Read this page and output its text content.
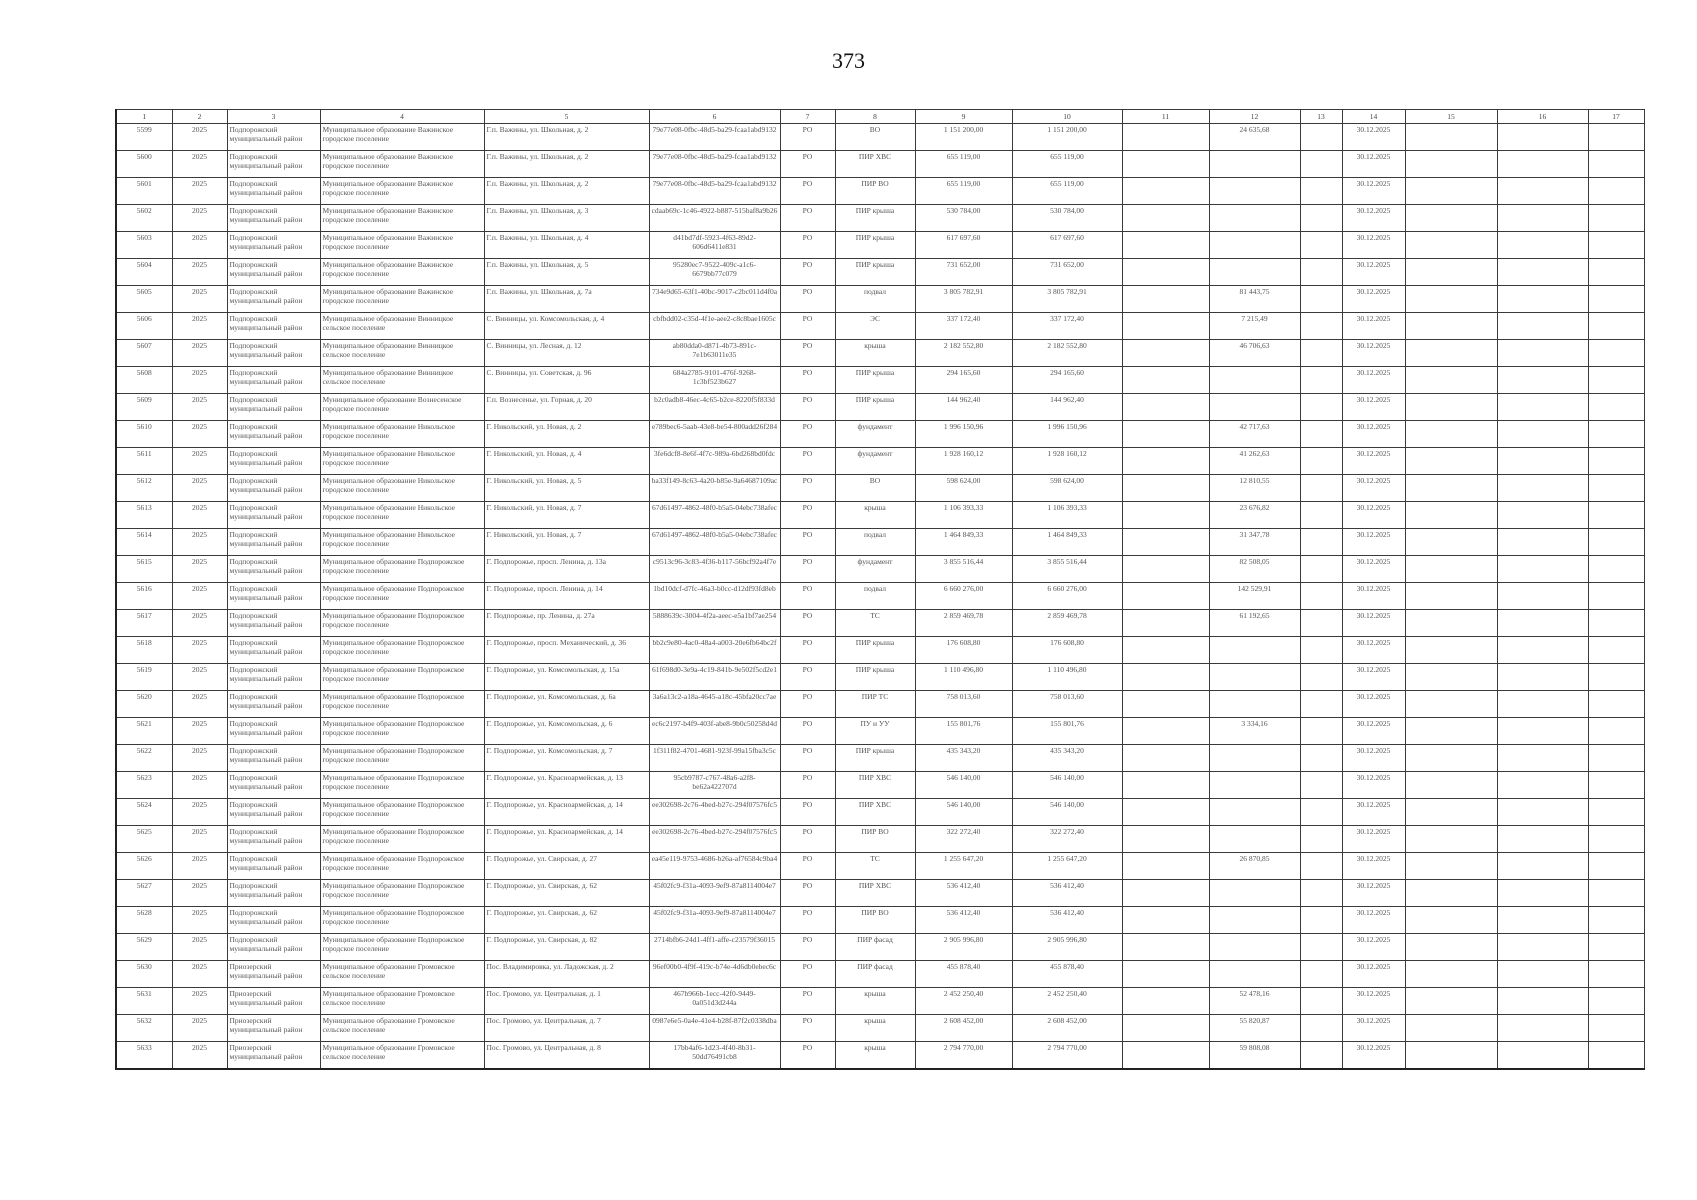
373
1	2	3	4	5	6	7	8	9	10	11	12	13	14	15	16	17
5599	2025	Подпорожский муниципальный район	Муниципальное образование Важинское городское поселение	Г.п. Важины, ул. Школьная, д. 2	79e77e08-0fbc-48d5-ba29-fcaa1abd9132	РО	ВО	1 151 200,00	1 151 200,00		24 635,68		30.12.2025			
5600	2025	Подпорожский муниципальный район	Муниципальное образование Важинское городское поселение	Г.п. Важины, ул. Школьная, д. 2	79e77e08-0fbc-48d5-ba29-fcaa1abd9132	РО	ПИР ХВС	655 119,00	655 119,00				30.12.2025			
5601	2025	Подпорожский муниципальный район	Муниципальное образование Важинское городское поселение	Г.п. Важины, ул. Школьная, д. 2	79e77e08-0fbc-48d5-ba29-fcaa1abd9132	РО	ПИР ВО	655 119,00	655 119,00				30.12.2025			
5602	2025	Подпорожский муниципальный район	Муниципальное образование Важинское городское поселение	Г.п. Важины, ул. Школьная, д. 3	cdaab69c-1c46-4922-b887-515baf8a9b26	РО	ПИР крыша	530 784,00	530 784,00				30.12.2025			
5603	2025	Подпорожский муниципальный район	Муниципальное образование Важинское городское поселение	Г.п. Важины, ул. Школьная, д. 4	d41bd7df-5923-4f63-89d2-606d6411e831	РО	ПИР крыша	617 697,60	617 697,60				30.12.2025			
5604	2025	Подпорожский муниципальный район	Муниципальное образование Важинское городское поселение	Г.п. Важины, ул. Школьная, д. 5	95280ec7-9522-409c-a1c6-6679bb77c079	РО	ПИР крыша	731 652,00	731 652,00				30.12.2025			
5605	2025	Подпорожский муниципальный район	Муниципальное образование Важинское городское поселение	Г.п. Важины, ул. Школьная, д. 7а	734e9d65-63f1-40bc-9017-c2bc011d4f0a	РО	подвал	3 805 782,91	3 805 782,91		81 443,75		30.12.2025			
5606	2025	Подпорожский муниципальный район	Муниципальное образование Винницкое сельское поселение	С. Винницы, ул. Комсомольская, д. 4	cbfbdd02-c35d-4f1e-aee2-c8c8bae1605c	РО	ЭС	337 172,40	337 172,40		7 215,49		30.12.2025			
5607	2025	Подпорожский муниципальный район	Муниципальное образование Винницкое сельское поселение	С. Винницы, ул. Лесная, д. 12	ab80dda0-d871-4b73-891c-7e1b63011e35	РО	крыша	2 182 552,80	2 182 552,80		46 706,63		30.12.2025			
5608	2025	Подпорожский муниципальный район	Муниципальное образование Винницкое сельское поселение	С. Винницы, ул. Советская, д. 96	684a2785-9101-476f-9268-1c3bf523b627	РО	ПИР крыша	294 165,60	294 165,60				30.12.2025			
5609	2025	Подпорожский муниципальный район	Муниципальное образование Вознесенское городское поселение	Г.п. Вознесенье, ул. Горная, д. 20	b2c0adb8-46ec-4c65-b2ce-8220f5f833d	РО	ПИР крыша	144 962,40	144 962,40				30.12.2025			
5610	2025	Подпорожский муниципальный район	Муниципальное образование Никольское городское поселение	Г. Никольский, ул. Новая, д. 2	e789bec6-5aab-43e8-be54-800add26f284	РО	фундамент	1 996 150,96	1 996 150,96		42 717,63		30.12.2025			
5611	2025	Подпорожский муниципальный район	Муниципальное образование Никольское городское поселение	Г. Никольский, ул. Новая, д. 4	3fe6dcf8-8e6f-4f7c-989a-6bd268bd0fdc	РО	фундамент	1 928 160,12	1 928 160,12		41 262,63		30.12.2025			
5612	2025	Подпорожский муниципальный район	Муниципальное образование Никольское городское поселение	Г. Никольский, ул. Новая, д. 5	ba33f149-8c63-4a20-b85e-9a64687109ac	РО	ВО	598 624,00	598 624,00		12 810,55		30.12.2025			
5613	2025	Подпорожский муниципальный район	Муниципальное образование Никольское городское поселение	Г. Никольский, ул. Новая, д. 7	67d61497-4862-48f0-b5a5-04ebc738afec	РО	крыша	1 106 393,33	1 106 393,33		23 676,82		30.12.2025			
5614	2025	Подпорожский муниципальный район	Муниципальное образование Никольское городское поселение	Г. Никольский, ул. Новая, д. 7	67d61497-4862-48f0-b5a5-04ebc738afec	РО	подвал	1 464 849,33	1 464 849,33		31 347,78		30.12.2025			
5615	2025	Подпорожский муниципальный район	Муниципальное образование Подпорожское городское поселение	Г. Подпорожье, просп. Ленина, д. 13а	c9513c96-3c83-4f36-b117-56bcf92a4f7e	РО	фундамент	3 855 516,44	3 855 516,44		82 508,05		30.12.2025			
5616	2025	Подпорожский муниципальный район	Муниципальное образование Подпорожское городское поселение	Г. Подпорожье, просп. Ленина, д. 14	1bd10dcf-d7fc-46a3-b0cc-d12df93fd8eb	РО	подвал	6 660 276,00	6 660 276,00		142 529,91		30.12.2025			
5617	2025	Подпорожский муниципальный район	Муниципальное образование Подпорожское городское поселение	Г. Подпорожье, пр. Ленина, д. 27а	5888639c-3004-4f2a-aeec-e5a1bf7ae254	РО	ТС	2 859 469,78	2 859 469,78		61 192,65		30.12.2025			
5618	2025	Подпорожский муниципальный район	Муниципальное образование Подпорожское городское поселение	Г. Подпорожье, просп. Механический, д. 36	bb2c9e80-4ac0-48a4-a003-20e6fb64bc2f	РО	ПИР крыша	176 608,80	176 608,80				30.12.2025			
5619	2025	Подпорожский муниципальный район	Муниципальное образование Подпорожское городское поселение	Г. Подпорожье, ул. Комсомольская, д. 15а	61f698d0-3e9a-4c19-841b-9e502f5cd2e1	РО	ПИР крыша	1 110 496,80	1 110 496,80				30.12.2025			
5620	2025	Подпорожский муниципальный район	Муниципальное образование Подпорожское городское поселение	Г. Подпорожье, ул. Комсомольская, д. 6а	3a6a13c2-a18a-4645-a18c-45bfa20cc7ae	РО	ПИР ТС	758 013,60	758 013,60				30.12.2025			
5621	2025	Подпорожский муниципальный район	Муниципальное образование Подпорожское городское поселение	Г. Подпорожье, ул. Комсомольская, д. 6	ec6c2197-b4f9-403f-abe8-9b0c50258d4d	РО	ПУ и УУ	155 801,76	155 801,76		3 334,16		30.12.2025			
5622	2025	Подпорожский муниципальный район	Муниципальное образование Подпорожское городское поселение	Г. Подпорожье, ул. Комсомольская, д. 7	1f311f82-4701-4681-923f-99a15fba3c5c	РО	ПИР крыша	435 343,20	435 343,20				30.12.2025			
5623	2025	Подпорожский муниципальный район	Муниципальное образование Подпорожское городское поселение	Г. Подпорожье, ул. Красноармейская, д. 13	95cb9787-c767-48a6-a2f8-be62a422707d	РО	ПИР ХВС	546 140,00	546 140,00				30.12.2025			
5624	2025	Подпорожский муниципальный район	Муниципальное образование Подпорожское городское поселение	Г. Подпорожье, ул. Красноармейская, д. 14	ee302698-2c76-4bed-b27c-294f07576fc5	РО	ПИР ХВС	546 140,00	546 140,00				30.12.2025			
5625	2025	Подпорожский муниципальный район	Муниципальное образование Подпорожское городское поселение	Г. Подпорожье, ул. Красноармейская, д. 14	ee302698-2c76-4bed-b27c-294f07576fc5	РО	ПИР ВО	322 272,40	322 272,40				30.12.2025			
5626	2025	Подпорожский муниципальный район	Муниципальное образование Подпорожское городское поселение	Г. Подпорожье, ул. Свирская, д. 27	ea45e119-9753-4686-b26a-af76584c9ba4	РО	ТС	1 255 647,20	1 255 647,20		26 870,85		30.12.2025			
5627	2025	Подпорожский муниципальный район	Муниципальное образование Подпорожское городское поселение	Г. Подпорожье, ул. Свирская, д. 62	45f02fc9-f31a-4093-9ef9-87a8114004e7	РО	ПИР ХВС	536 412,40	536 412,40				30.12.2025			
5628	2025	Подпорожский муниципальный район	Муниципальное образование Подпорожское городское поселение	Г. Подпорожье, ул. Свирская, д. 62	45f02fc9-f31a-4093-9ef9-87a8114004e7	РО	ПИР ВО	536 412,40	536 412,40				30.12.2025			
5629	2025	Подпорожский муниципальный район	Муниципальное образование Подпорожское городское поселение	Г. Подпорожье, ул. Свирская, д. 82	2714bfb6-24d1-4ff1-affe-c23579f36015	РО	ПИР фасад	2 905 996,80	2 905 996,80				30.12.2025			
5630	2025	Приозерский муниципальный район	Муниципальное образование Громовское сельское поселение	Пос. Владимировка, ул. Ладожская, д. 2	96ef00b0-4f9f-419c-b74e-4d6db0ebec6c	РО	ПИР фасад	455 878,40	455 878,40				30.12.2025			
5631	2025	Приозерский муниципальный район	Муниципальное образование Громовское сельское поселение	Пос. Громово, ул. Центральная, д. 1	467b966b-1ecc-42f0-9449-0a051d3d244a	РО	крыша	2 452 250,40	2 452 250,40		52 478,16		30.12.2025			
5632	2025	Приозерский муниципальный район	Муниципальное образование Громовское сельское поселение	Пос. Громово, ул. Центральная, д. 7	0987e6e5-0a4e-41e4-b28f-87f2c0338dba	РО	крыша	2 608 452,00	2 608 452,00		55 820,87		30.12.2025			
5633	2025	Приозерский муниципальный район	Муниципальное образование Громовское сельское поселение	Пос. Громово, ул. Центральная, д. 8	17bb4af6-1d23-4f40-8b31-50dd76491cb8	РО	крыша	2 794 770,00	2 794 770,00		59 808,08		30.12.2025			
